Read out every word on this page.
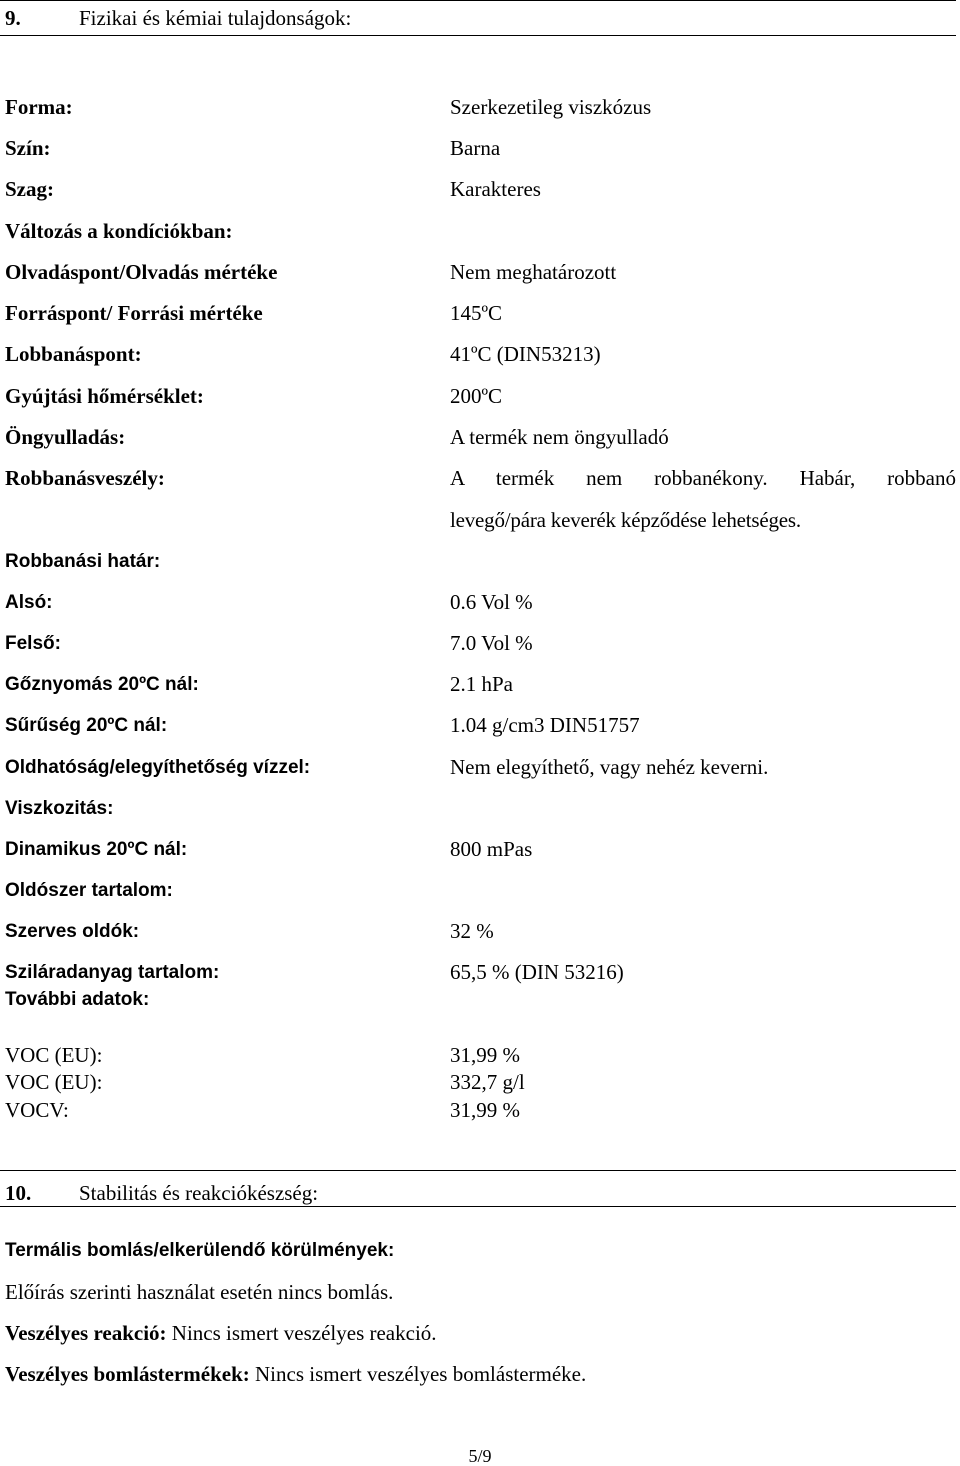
9.	Fizikai és kémiai tulajdonságok:
Forma:	Szerkezetileg viszkózus
Szín:	Barna
Szag:	Karakteres
Változás a kondíciókban:
Olvadáspont/Olvadás mértéke	Nem meghatározott
Forráspont/ Forrási mértéke	145ºC
Lobbanáspont:	41ºC (DIN53213)
Gyújtási hőmérséklet:	200ºC
Öngyulladás:	A termék nem öngyulladó
Robbanásveszély:	A termék nem robbanékony. Habár, robbanó
levegő/pára keverék képződése lehetséges.
Robbanási határ:
Alsó:	0.6 Vol %
Felső:	7.0 Vol %
Gőznyomás 20ºC nál:	2.1 hPa
Sűrűség 20ºC nál:	1.04 g/cm3 DIN51757
Oldhatóság/elegyíthetőség vízzel:	Nem elegyíthető, vagy nehéz keverni.
Viszkozitás:
Dinamikus 20ºC nál:	800 mPas
Oldószer tartalom:
Szerves oldók:	32 %
Sziláradanyag tartalom:	65,5 % (DIN 53216)
További adatok:
VOC (EU):	31,99 %
VOC (EU):	332,7 g/l
VOCV:	31,99 %
10. Stabilitás és reakciókészség:
Termális bomlás/elkerülendő körülmények:
Előírás szerinti használat esetén nincs bomlás.
Veszélyes reakció: Nincs ismert veszélyes reakció.
Veszélyes bomlástermékek: Nincs ismert veszélyes bomlásterméke.
5/9
